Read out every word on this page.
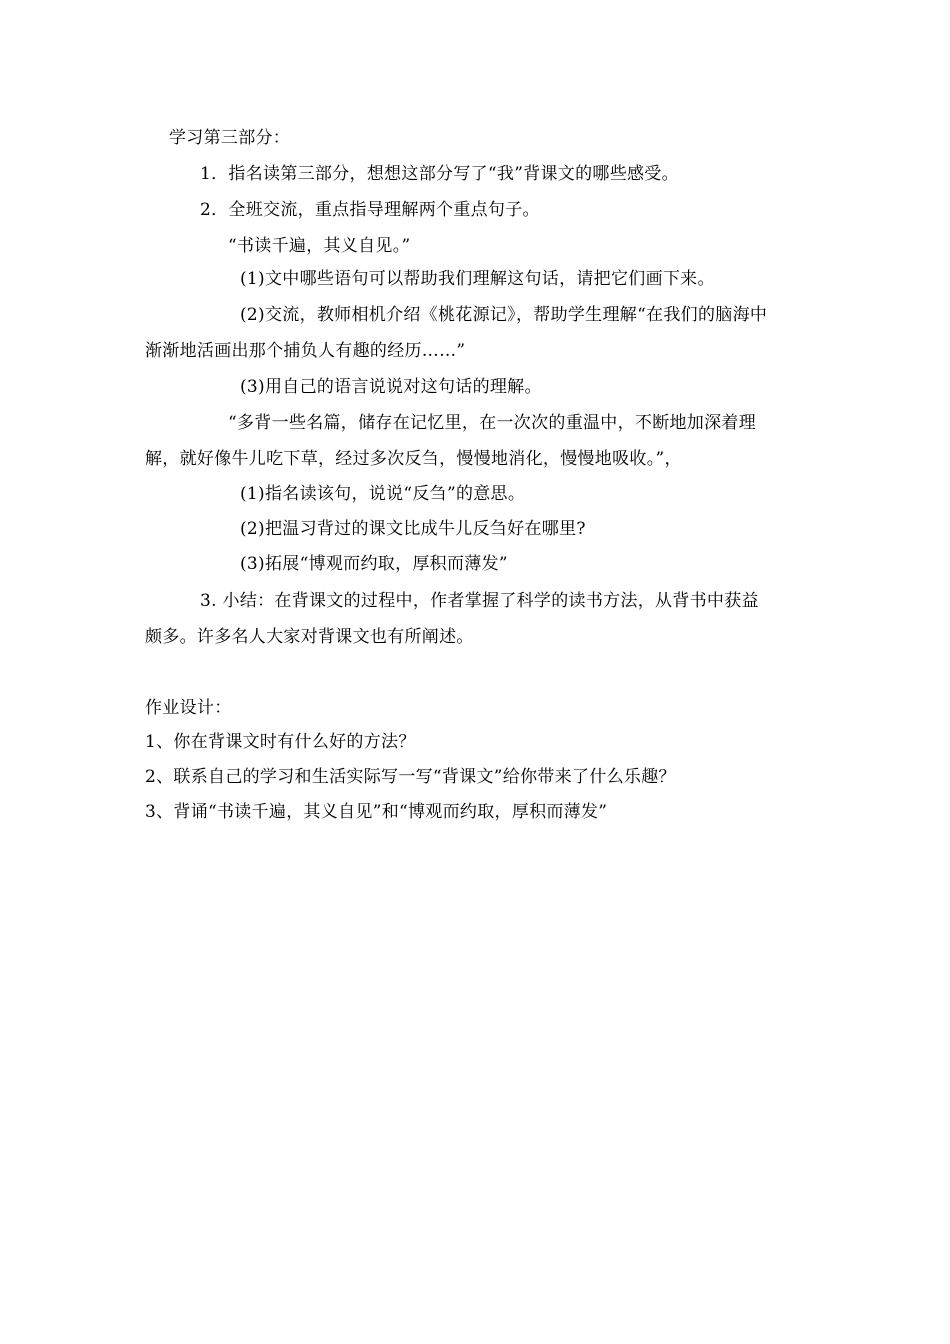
学习第三部分：
1．指名读第三部分，想想这部分写了“我”背课文的哪些感受。
2．全班交流，重点指导理解两个重点句子。
“书读千遍，其义自见。”
(1)文中哪些语句可以帮助我们理解这句话，请把它们画下来。
(2)交流，教师相机介绍《桃花源记》，帮助学生理解“在我们的脑海中
渐渐地活画出那个捕负人有趣的经历……”
(3)用自己的语言说说对这句话的理解。
“多背一些名篇，储存在记忆里，在一次次的重温中，不断地加深着理
解，就好像牛儿吃下草，经过多次反刍，慢慢地消化，慢慢地吸收。”，
(1)指名读该句，说说“反刍”的意思。
(2)把温习背过的课文比成牛儿反刍好在哪里?
(3)拓展“博观而约取，厚积而薄发”
3. 小结：在背课文的过程中，作者掌握了科学的读书方法，从背书中获益
颇多。许多名人大家对背课文也有所阐述。
作业设计：
1、你在背课文时有什么好的方法？
2、联系自己的学习和生活实际写一写“背课文”给你带来了什么乐趣？
3、背诵“书读千遍，其义自见”和“博观而约取，厚积而薄发”
